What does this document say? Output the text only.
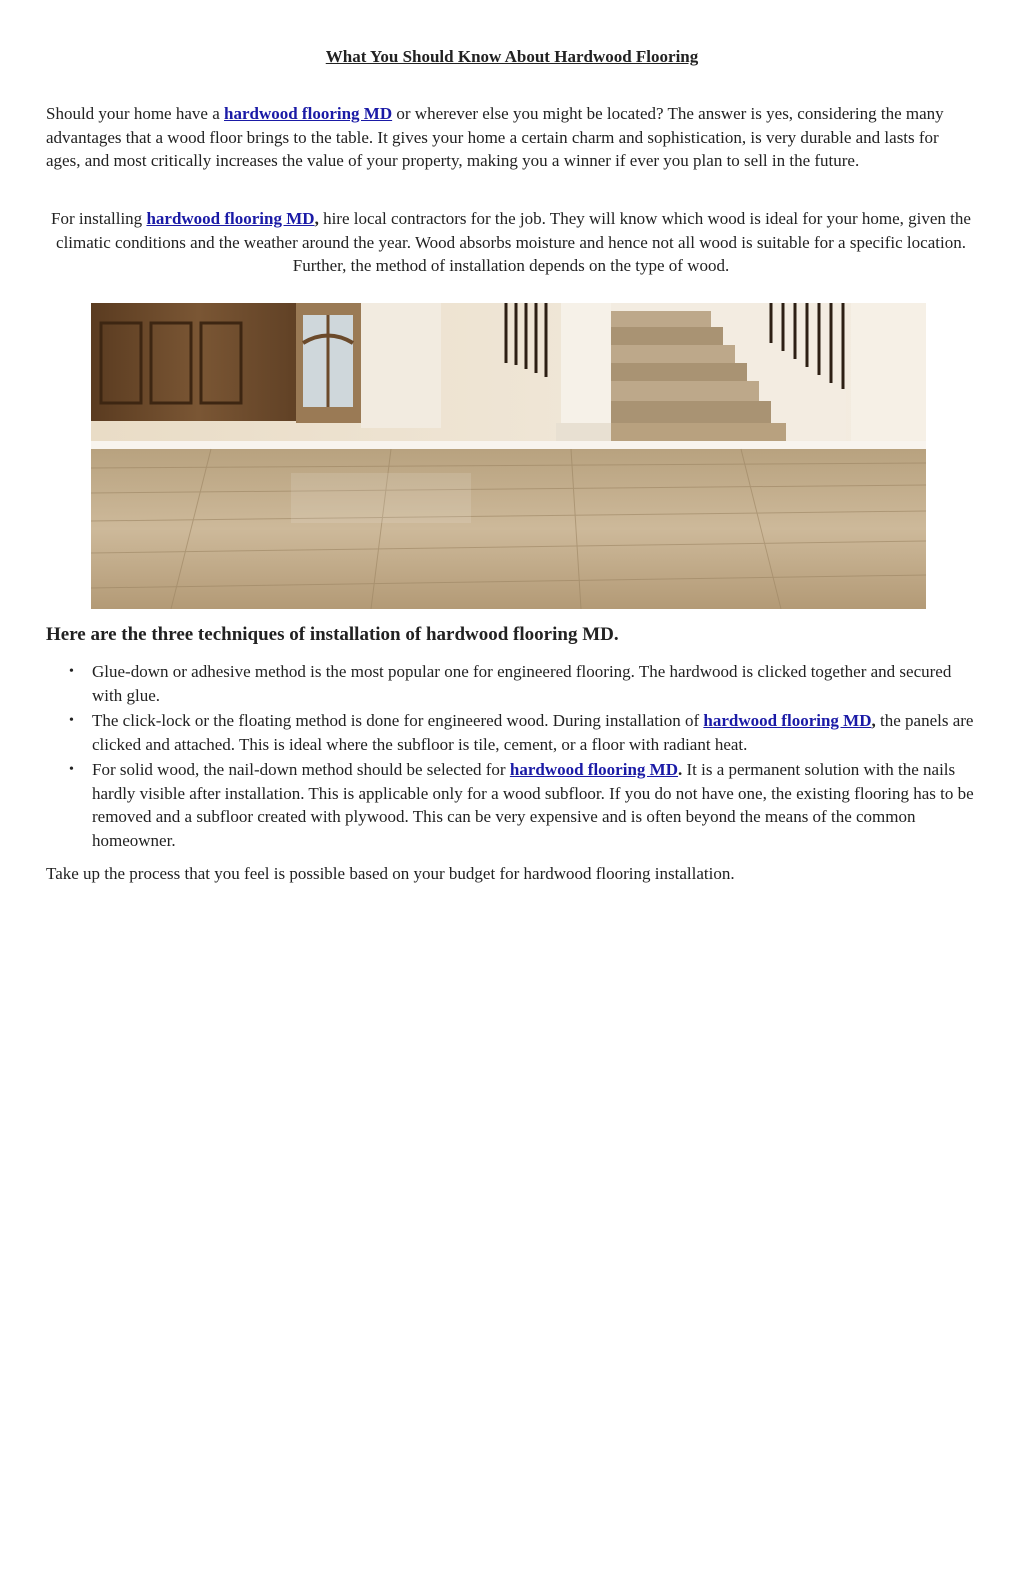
What You Should Know About Hardwood Flooring

Should your home have a hardwood flooring MD or wherever else you might be located? The answer is yes, considering the many advantages that a wood floor brings to the table. It gives your home a certain charm and sophistication, is very durable and lasts for ages, and most critically increases the value of your property, making you a winner if ever you plan to sell in the future.

For installing hardwood flooring MD, hire local contractors for the job. They will know which wood is ideal for your home, given the climatic conditions and the weather around the year. Wood absorbs moisture and hence not all wood is suitable for a specific location. Further, the method of installation depends on the type of wood.

Here are the three techniques of installation of hardwood flooring MD.
• Glue-down or adhesive method is the most popular one for engineered flooring. The hardwood is clicked together and secured with glue.
• The click-lock or the floating method is done for engineered wood. During installation of hardwood flooring MD, the panels are clicked and attached. This is ideal where the subfloor is tile, cement, or a floor with radiant heat.
• For solid wood, the nail-down method should be selected for hardwood flooring MD. It is a permanent solution with the nails hardly visible after installation. This is applicable only for a wood subfloor. If you do not have one, the existing flooring has to be removed and a subfloor created with plywood. This can be very expensive and is often beyond the means of the common homeowner.

Take up the process that you feel is possible based on your budget for hardwood flooring installation.
